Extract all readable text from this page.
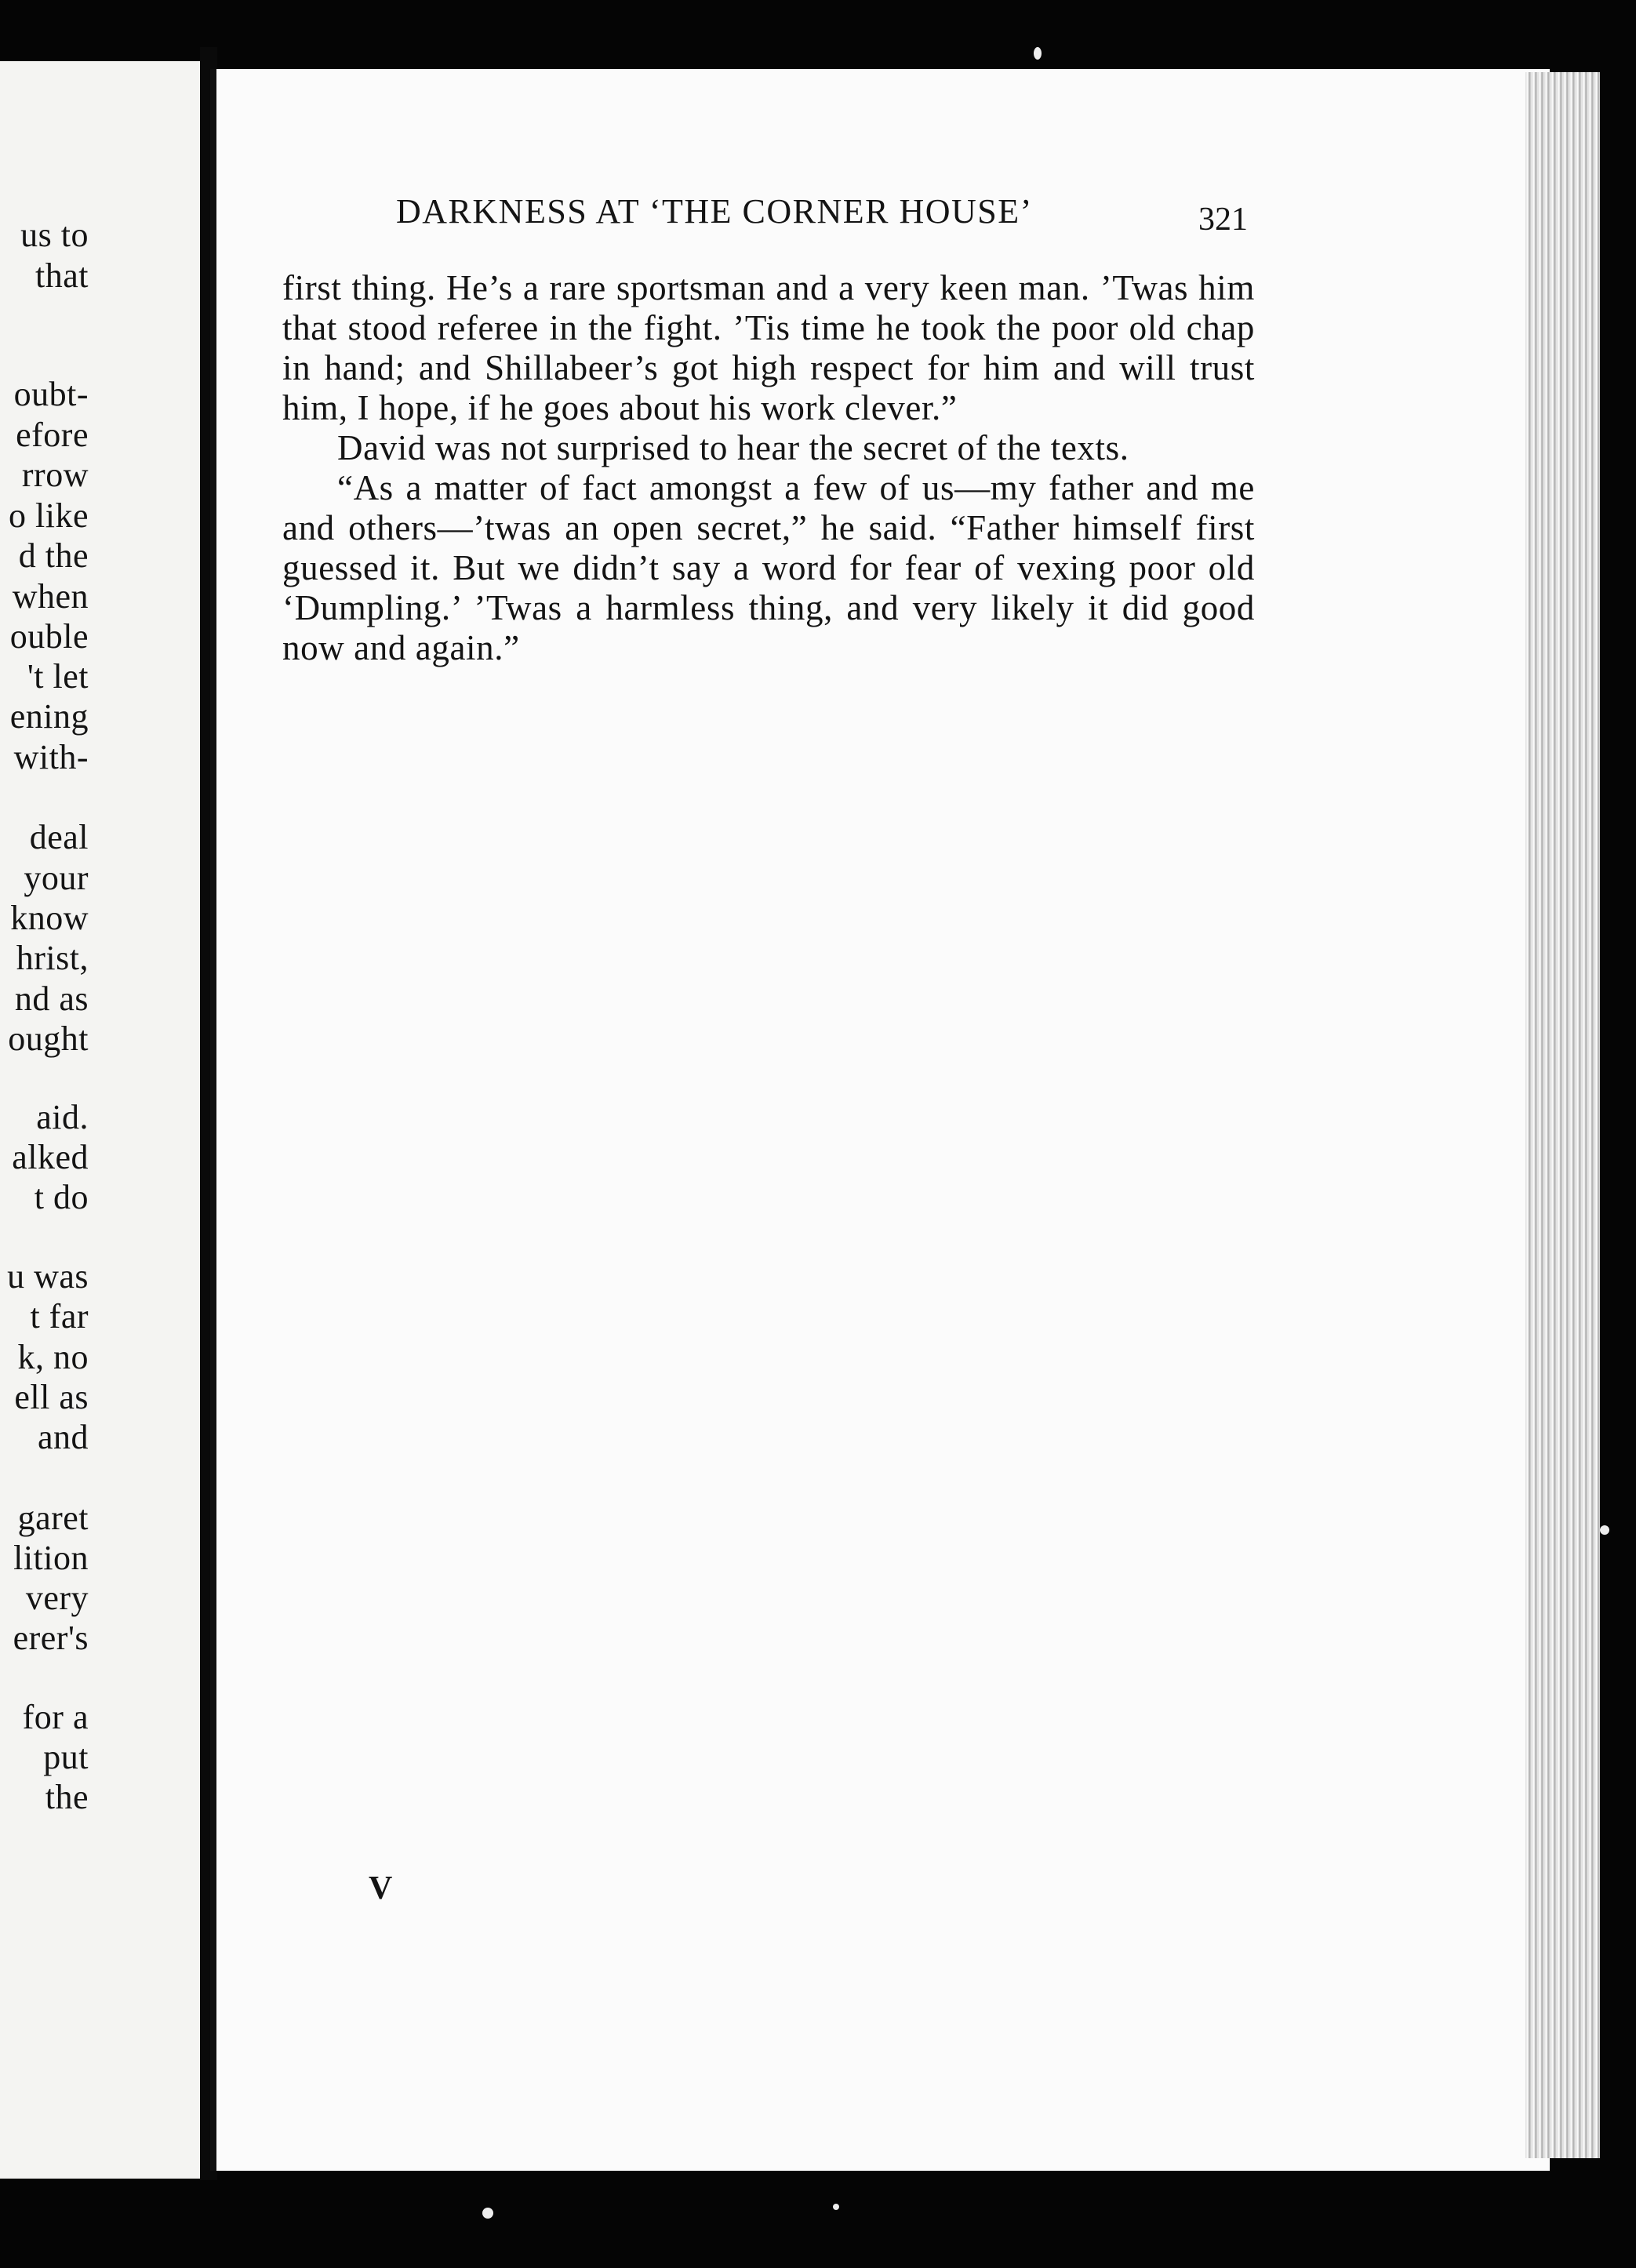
us to
that
oubt-
efore
rrow
o like
d the
when
ouble
't let
ening
with-
deal
your
know
hrist,
nd as
ought
aid.
alked
t do
u was
t far
k, no
ell as
and
garet
lition
very
erer's
for a
put
the
DARKNESS AT ‘THE CORNER HOUSE’	321

first thing. He’s a rare sportsman and a very keen man. ’Twas him that stood referee in the fight. ’Tis time he took the poor old chap in hand; and Shillabeer’s got high respect for him and will trust him, I hope, if he goes about his work clever.”

David was not surprised to hear the secret of the texts.

“As a matter of fact amongst a few of us—my father and me and others—’twas an open secret,” he said. “Father himself first guessed it. But we didn’t say a word for fear of vexing poor old ‘Dumpling.’ ’Twas a harmless thing, and very likely it did good now and again.”

V
